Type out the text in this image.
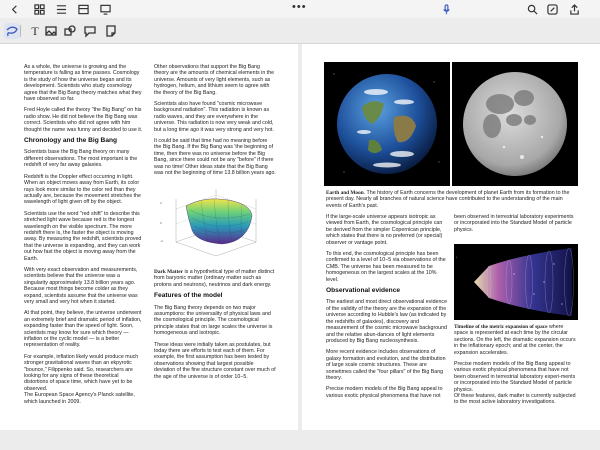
•••
T

As a whole, the universe is growing and the temperature is falling as time passes. Cosmology is the study of how the universe began and its development. Scientists who study cosmology agree that the Big Bang theory matches what they have observed so far.

Fred Hoyle called the theory "the Big Bang" on his radio show. He did not believe the Big Bang was correct. Scientists who did not agree with him thought the name was funny and decided to use it.

Chronology and the Big Bang

Scientists base the Big Bang theory on many different observations. The most important is the redshift of very far away galaxies.

Redshift is the Doppler effect occurring in light. When an object moves away from Earth, its color rays look more similar to the color red than they actually are, because the movement stretches the wavelength of light given off by the object.

Scientists use the word "red shift" to describe this stretched light wave because red is the longest wavelength on the visible spectrum. The more redshift there is, the faster the object is moving away. By measuring the redshift, scientists proved that the universe is expanding, and they can work out how fast the object is moving away from the Earth.

With very exact observation and measurements, scientists believe that the universe was a singularity approximately 13.8 billion years ago. Because most things become colder as they expand, scientists assume that the universe was very small and very hot when it started.

At that point, they believe, the universe underwent an extremely brief and dramatic period of inflation, expanding faster than the speed of light. Soon, scientists may know for sure which theory — inflation or the cyclic model — is a better representation of reality.

For example, inflation likely would produce much stronger gravitational waves than an ekpyrotic "bounce," Filippenko said. So, researchers are looking for any signs of these theoretical distortions of space time, which have yet to be observed.

The European Space Agency's Planck satellite, which launched in 2009.

Other observations that support the Big Bang theory are the amounts of chemical elements in the universe. Amounts of very light elements, such as hydrogen, helium, and lithium seem to agree with the theory of the Big Bang.

Scientists also have found "cosmic microwave background radiation". This radiation is known as radio waves, and they are everywhere in the universe. This radiation is now very weak and cold, but a long time ago it was very strong and very hot.

It could be said that time had no meaning before the Big Bang. If the Big Bang was 'the beginning of time, then there was no universe before the Big Bang, since there could not be any "before" if there was no time! Other ideas state that the Big Bang was not the beginning of time 13.8 billion years ago.

2
0
-2

Dark Matter is a hypothetical type of matter distinct from baryonic matter (ordinary matter such as protons and neutrons), neutrinos and dark energy.

Features of the model

The Big Bang theory depends on two major assumptions: the universality of physical laws and the cosmological principle. The cosmological principle states that on large scales the universe is homogeneous and isotropic.

These ideas were initially taken as postulates, but today there are efforts to test each of them. For example, the first assumption has been tested by observations showing that largest possible deviation of the fine structure constant over much of the age of the universe is of order 10−5.

Earth and Moon. The history of Earth concerns the development of planet Earth from its formation to the present day. Nearly all branches of natural science have contributed to the understanding of the main events of Earth's past.

If the large-scale universe appears isotropic as viewed from Earth, the cosmological principle can be derived from the simpler Copernican principle, which states that there is no preferred (or special) observer or vantage point.

To this end, the cosmological principle has been confirmed to a level of 10−5 via observations of the CMB. The universe has been measured to be homogeneous on the largest scales at the 10% level.

Observational evidence

The earliest and most direct observational evidence of the validity of the theory are the expansion of the universe according to Hubble's law (as indicated by the redshifts of galaxies), discovery and measurement of the cosmic microwave background and the relative abun-dances of light elements produced by Big Bang nucleosynthesis.

More recent evidence includes observations of galaxy formation and evolution, and the distribution of large scale cosmic structures. These are sometimes called the "four pillars" of the Big Bang theory.

Precise modern models of the Big Bang appeal to various exotic physical phenomena that have not

been observed in terrestrial laboratory experiments or incorporated into the Standard Model of particle physics.

•

Timeline of the metric expansion of space where space is represented at each time by the circular sections. On the left, the dramatic expansion occurs in the inflationary epoch; and at the center, the expansion accelerates.

Precise modern models of the Big Bang appeal to various exotic physical phenomena that have not been observed in terrestrial laboratory experi-ments or incorporated into the Standard Model of particle physics.

Of these features, dark matter is currently subjected to the most active laboratory investigations.
